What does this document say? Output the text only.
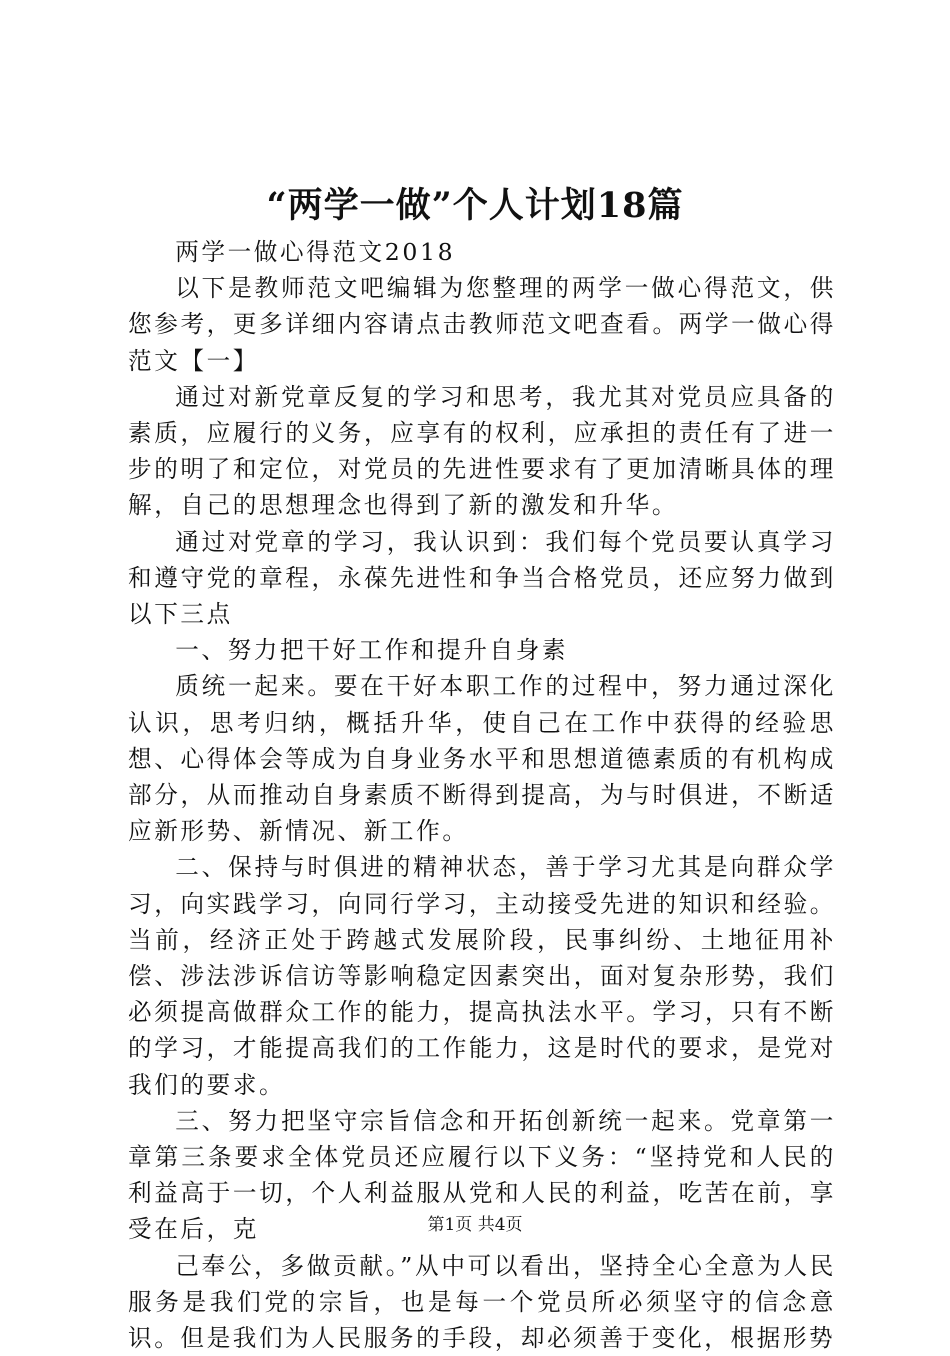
“两学一做”个人计划18篇

两学一做心得范文2018

以下是教师范文吧编辑为您整理的两学一做心得范文，供您参考，更多详细内容请点击教师范文吧查看。两学一做心得范文【一】

通过对新党章反复的学习和思考，我尤其对党员应具备的素质，应履行的义务，应享有的权利，应承担的责任有了进一步的明了和定位，对党员的先进性要求有了更加清晰具体的理解，自己的思想理念也得到了新的激发和升华。

通过对党章的学习，我认识到：我们每个党员要认真学习和遵守党的章程，永葆先进性和争当合格党员，还应努力做到以下三点

一、努力把干好工作和提升自身素

质统一起来。要在干好本职工作的过程中，努力通过深化认识，思考归纳，概括升华，使自己在工作中获得的经验思想、心得体会等成为自身业务水平和思想道德素质的有机构成部分，从而推动自身素质不断得到提高，为与时俱进，不断适应新形势、新情况、新工作。

二、保持与时俱进的精神状态，善于学习尤其是向群众学习，向实践学习，向同行学习，主动接受先进的知识和经验。当前，经济正处于跨越式发展阶段，民事纠纷、土地征用补偿、涉法涉诉信访等影响稳定因素突出，面对复杂形势，我们必须提高做群众工作的能力，提高执法水平。学习，只有不断的学习，才能提高我们的工作能力，这是时代的要求，是党对我们的要求。

三、努力把坚守宗旨信念和开拓创新统一起来。党章第一章第三条要求全体党员还应履行以下义务：“坚持党和人民的利益高于一切，个人利益服从党和人民的利益，吃苦在前，享受在后，克

己奉公，多做贡献。”从中可以看出，坚持全心全意为人民服务是我们党的宗旨，也是每一个党员所必须坚守的信念意识。但是我们为人民服务的手段，却必须善于变化，根据形势

第1页 共4页
